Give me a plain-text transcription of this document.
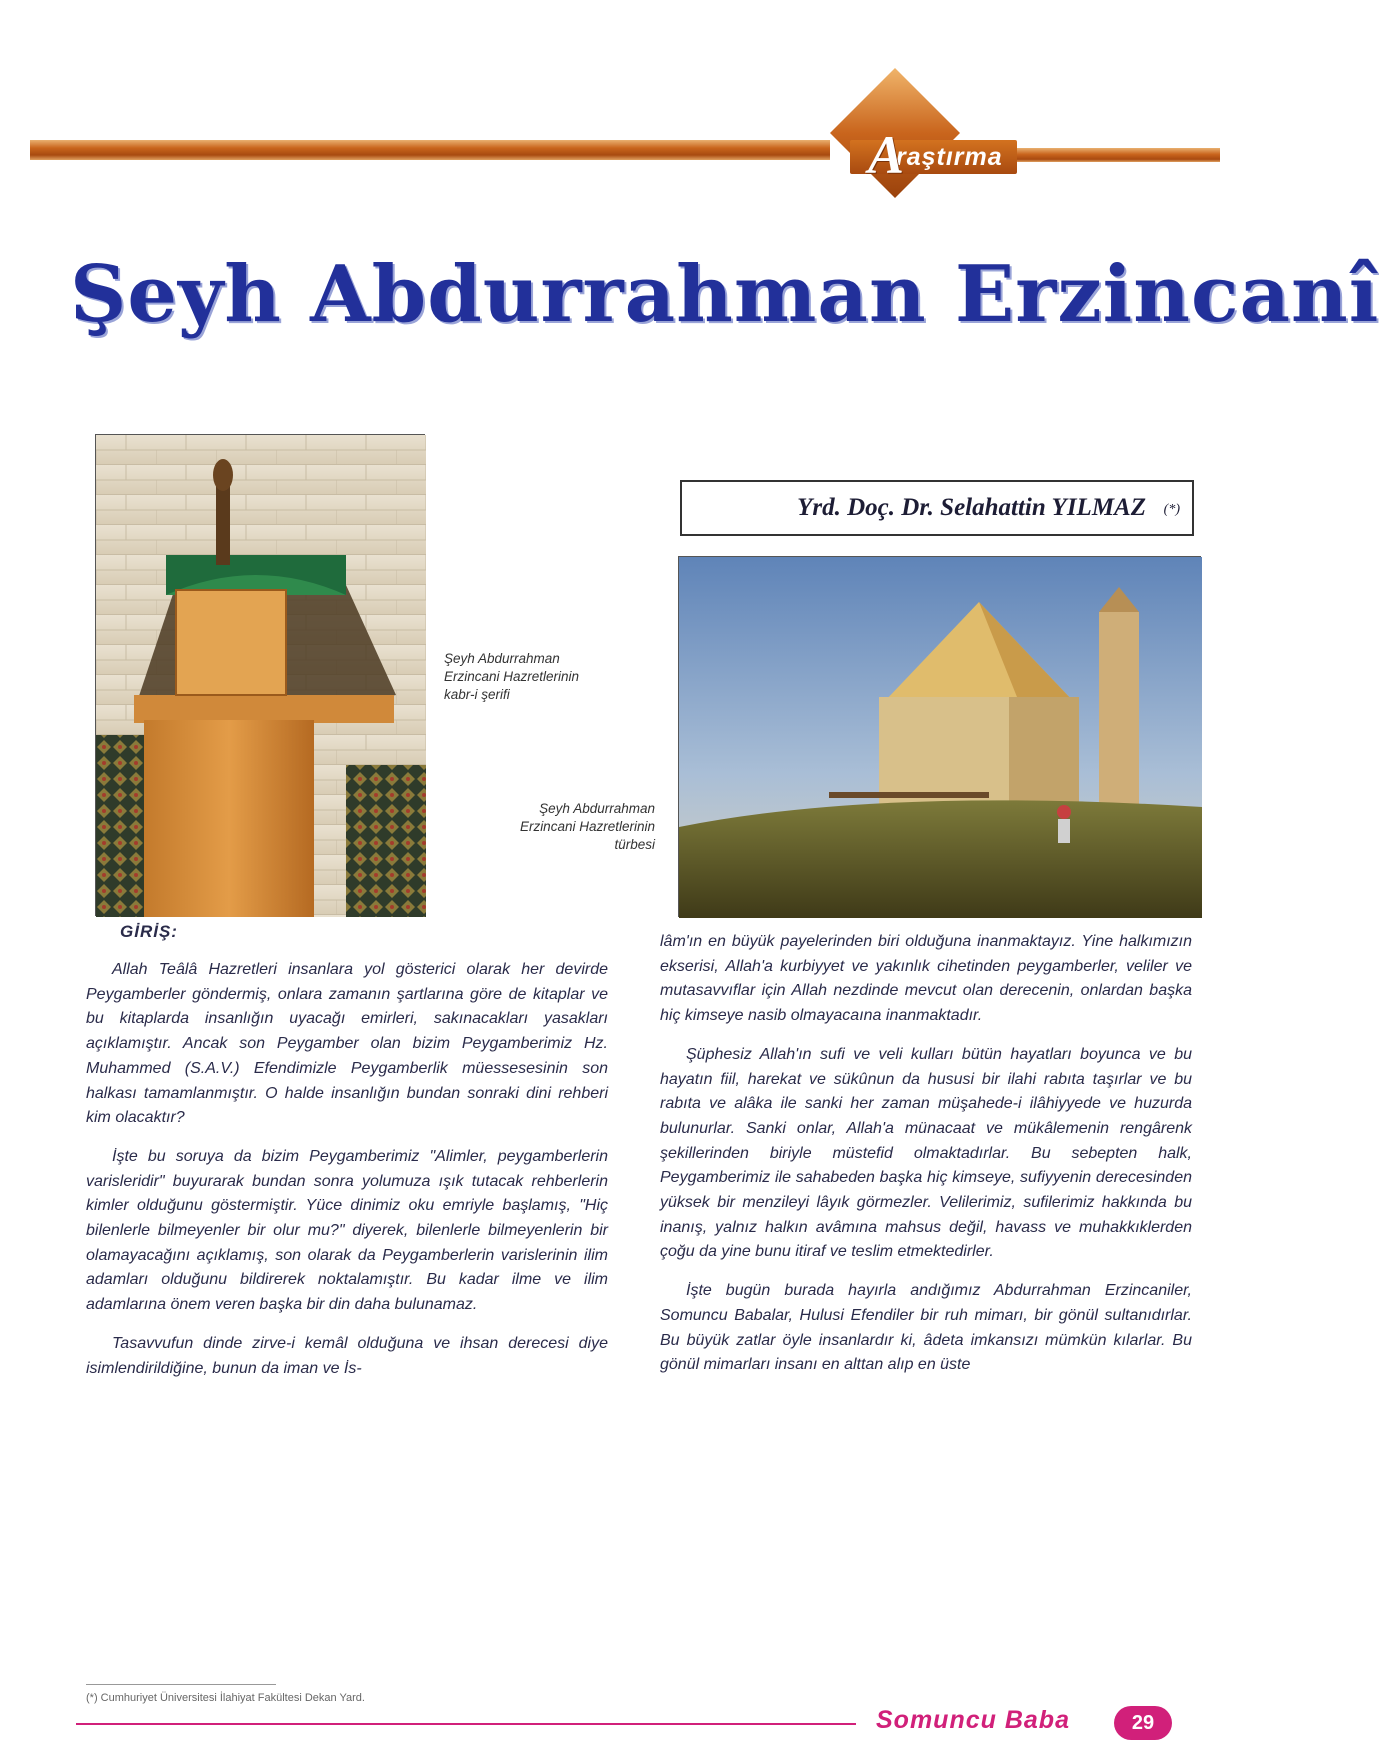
raştırma
A
Şeyh Abdurrahman Erzincanî
Yrd. Doç. Dr. Selahattin YILMAZ (*)
Şeyh Abdurrahman Erzincani Hazretlerinin kabr-i şerifi
Şeyh Abdurrahman Erzincani Hazretlerinin türbesi
GİRİŞ:

Allah Teâlâ Hazretleri insanlara yol gösterici olarak her devirde Peygamberler göndermiş, onlara zamanın şartlarına göre de kitaplar ve bu kitaplarda insanlığın uyacağı emirleri, sakınacakları yasakları açıklamıştır. Ancak son Peygamber olan bizim Peygamberimiz Hz. Muhammed (S.A.V.) Efendimizle Peygamberlik müessesesinin son halkası tamamlanmıştır. O halde insanlığın bundan sonraki dini rehberi kim olacaktır?

İşte bu soruya da bizim Peygamberimiz "Alimler, peygamberlerin varisleridir" buyurarak bundan sonra yolumuza ışık tutacak rehberlerin kimler olduğunu göstermiştir. Yüce dinimiz oku emriyle başlamış, "Hiç bilenlerle bilmeyenler bir olur mu?" diyerek, bilenlerle bilmeyenlerin bir olamayacağını açıklamış, son olarak da Peygamberlerin varislerinin ilim adamları olduğunu bildirerek noktalamıştır. Bu kadar ilme ve ilim adamlarına önem veren başka bir din daha bulunamaz.

Tasavvufun dinde zirve-i kemâl olduğuna ve ihsan derecesi diye isimlendirildiğine, bunun da iman ve İs-

lâm'ın en büyük payelerinden biri olduğuna inanmaktayız. Yine halkımızın ekserisi, Allah'a kurbiyyet ve yakınlık cihetinden peygamberler, veliler ve mutasavvıflar için Allah nezdinde mevcut olan derecenin, onlardan başka hiç kimseye nasib olmayacaına inanmaktadır.

Şüphesiz Allah'ın sufi ve veli kulları bütün hayatları boyunca ve bu hayatın fiil, harekat ve sükûnun da hususi bir ilahi rabıta taşırlar ve bu rabıta ve alâka ile sanki her zaman müşahede-i ilâhiyyede ve huzurda bulunurlar. Sanki onlar, Allah'a münacaat ve mükâlemenin rengârenk şekillerinden biriyle müstefid olmaktadırlar. Bu sebepten halk, Peygamberimiz ile sahabeden başka hiç kimseye, sufiyyenin derecesinden yüksek bir menzileyi lâyık görmezler. Velilerimiz, sufilerimiz hakkında bu inanış, yalnız halkın avâmına mahsus değil, havass ve muhakkıklerden çoğu da yine bunu itiraf ve teslim etmektedirler.

İşte bugün burada hayırla andığımız Abdurrahman Erzincaniler, Somuncu Babalar, Hulusi Efendiler bir ruh mimarı, bir gönül sultanıdırlar. Bu büyük zatlar öyle insanlardır ki, âdeta imkansızı mümkün kılarlar. Bu gönül mimarları insanı en alttan alıp en üste

(*) Cumhuriyet Üniversitesi İlahiyat Fakültesi Dekan Yard.
Somuncu Baba	29
